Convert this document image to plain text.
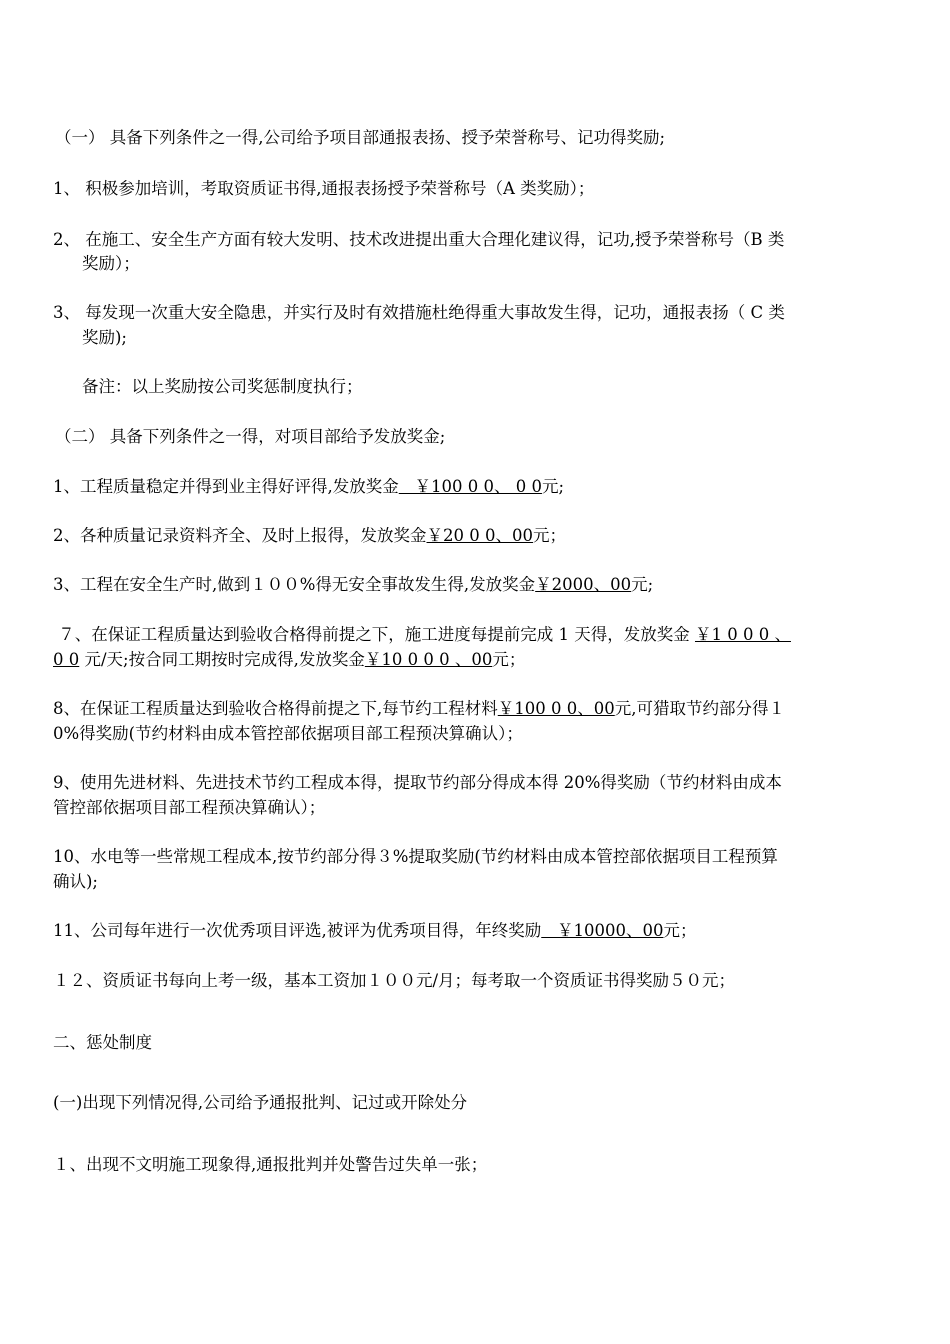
（一） 具备下列条件之一得,公司给予项目部通报表扬、授予荣誉称号、记功得奖励;
1、 积极参加培训，考取资质证书得,通报表扬授予荣誉称号（A 类奖励）；
2、 在施工、安全生产方面有较大发明、技术改进提出重大合理化建议得，记功,授予荣誉称号（B 类
奖励）；
3、 每发现一次重大安全隐患，并实行及时有效措施杜绝得重大事故发生得，记功，通报表扬（ C 类
奖励);
备注：以上奖励按公司奖惩制度执行；
（二） 具备下列条件之一得，对项目部给予发放奖金;
1、工程质量稳定并得到业主得好评得,发放奖金   ￥100 0 0、 0 0元;
2、各种质量记录资料齐全、及时上报得，发放奖金￥20 0 0、00元；
3、工程在安全生产时,做到１００%得无安全事故发生得,发放奖金￥2000、00元;
７、在保证工程质量达到验收合格得前提之下，施工进度每提前完成 1 天得，发放奖金 ￥1 0 0 0 、
0 0 元/天;按合同工期按时完成得,发放奖金￥10 0 0 0 、00元；
8、在保证工程质量达到验收合格得前提之下,每节约工程材料￥100 0 0、00元,可猎取节约部分得１
0%得奖励(节约材料由成本管控部依据项目部工程预决算确认）；
9、使用先进材料、先进技术节约工程成本得，提取节约部分得成本得 20%得奖励（节约材料由成本
管控部依据项目部工程预决算确认）；
10、水电等一些常规工程成本,按节约部分得３%提取奖励(节约材料由成本管控部依据项目工程预算
确认);
11、公司每年进行一次优秀项目评选,被评为优秀项目得，年终奖励   ￥10000、00元；
１２、资质证书每向上考一级，基本工资加１００元/月；每考取一个资质证书得奖励５０元；
二、惩处制度
(一)出现下列情况得,公司给予通报批判、记过或开除处分
１、出现不文明施工现象得,通报批判并处警告过失单一张；
